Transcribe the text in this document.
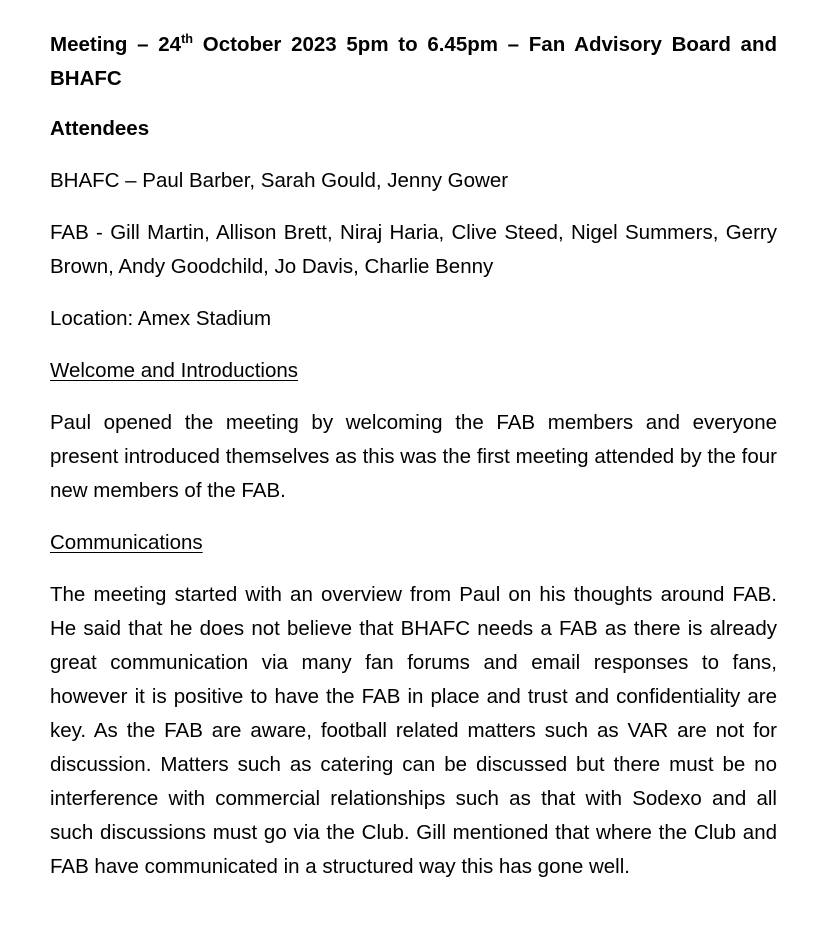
Meeting – 24th October 2023 5pm to 6.45pm – Fan Advisory Board and BHAFC

Attendees

BHAFC – Paul Barber, Sarah Gould, Jenny Gower

FAB - Gill Martin, Allison Brett, Niraj Haria, Clive Steed, Nigel Summers, Gerry Brown, Andy Goodchild, Jo Davis, Charlie Benny

Location: Amex Stadium

Welcome and Introductions

Paul opened the meeting by welcoming the FAB members and everyone present introduced themselves as this was the first meeting attended by the four new members of the FAB.

Communications

The meeting started with an overview from Paul on his thoughts around FAB. He said that he does not believe that BHAFC needs a FAB as there is already great communication via many fan forums and email responses to fans, however it is positive to have the FAB in place and trust and confidentiality are key. As the FAB are aware, football related matters such as VAR are not for discussion. Matters such as catering can be discussed but there must be no interference with commercial relationships such as that with Sodexo and all such discussions must go via the Club. Gill mentioned that where the Club and FAB have communicated in a structured way this has gone well.
